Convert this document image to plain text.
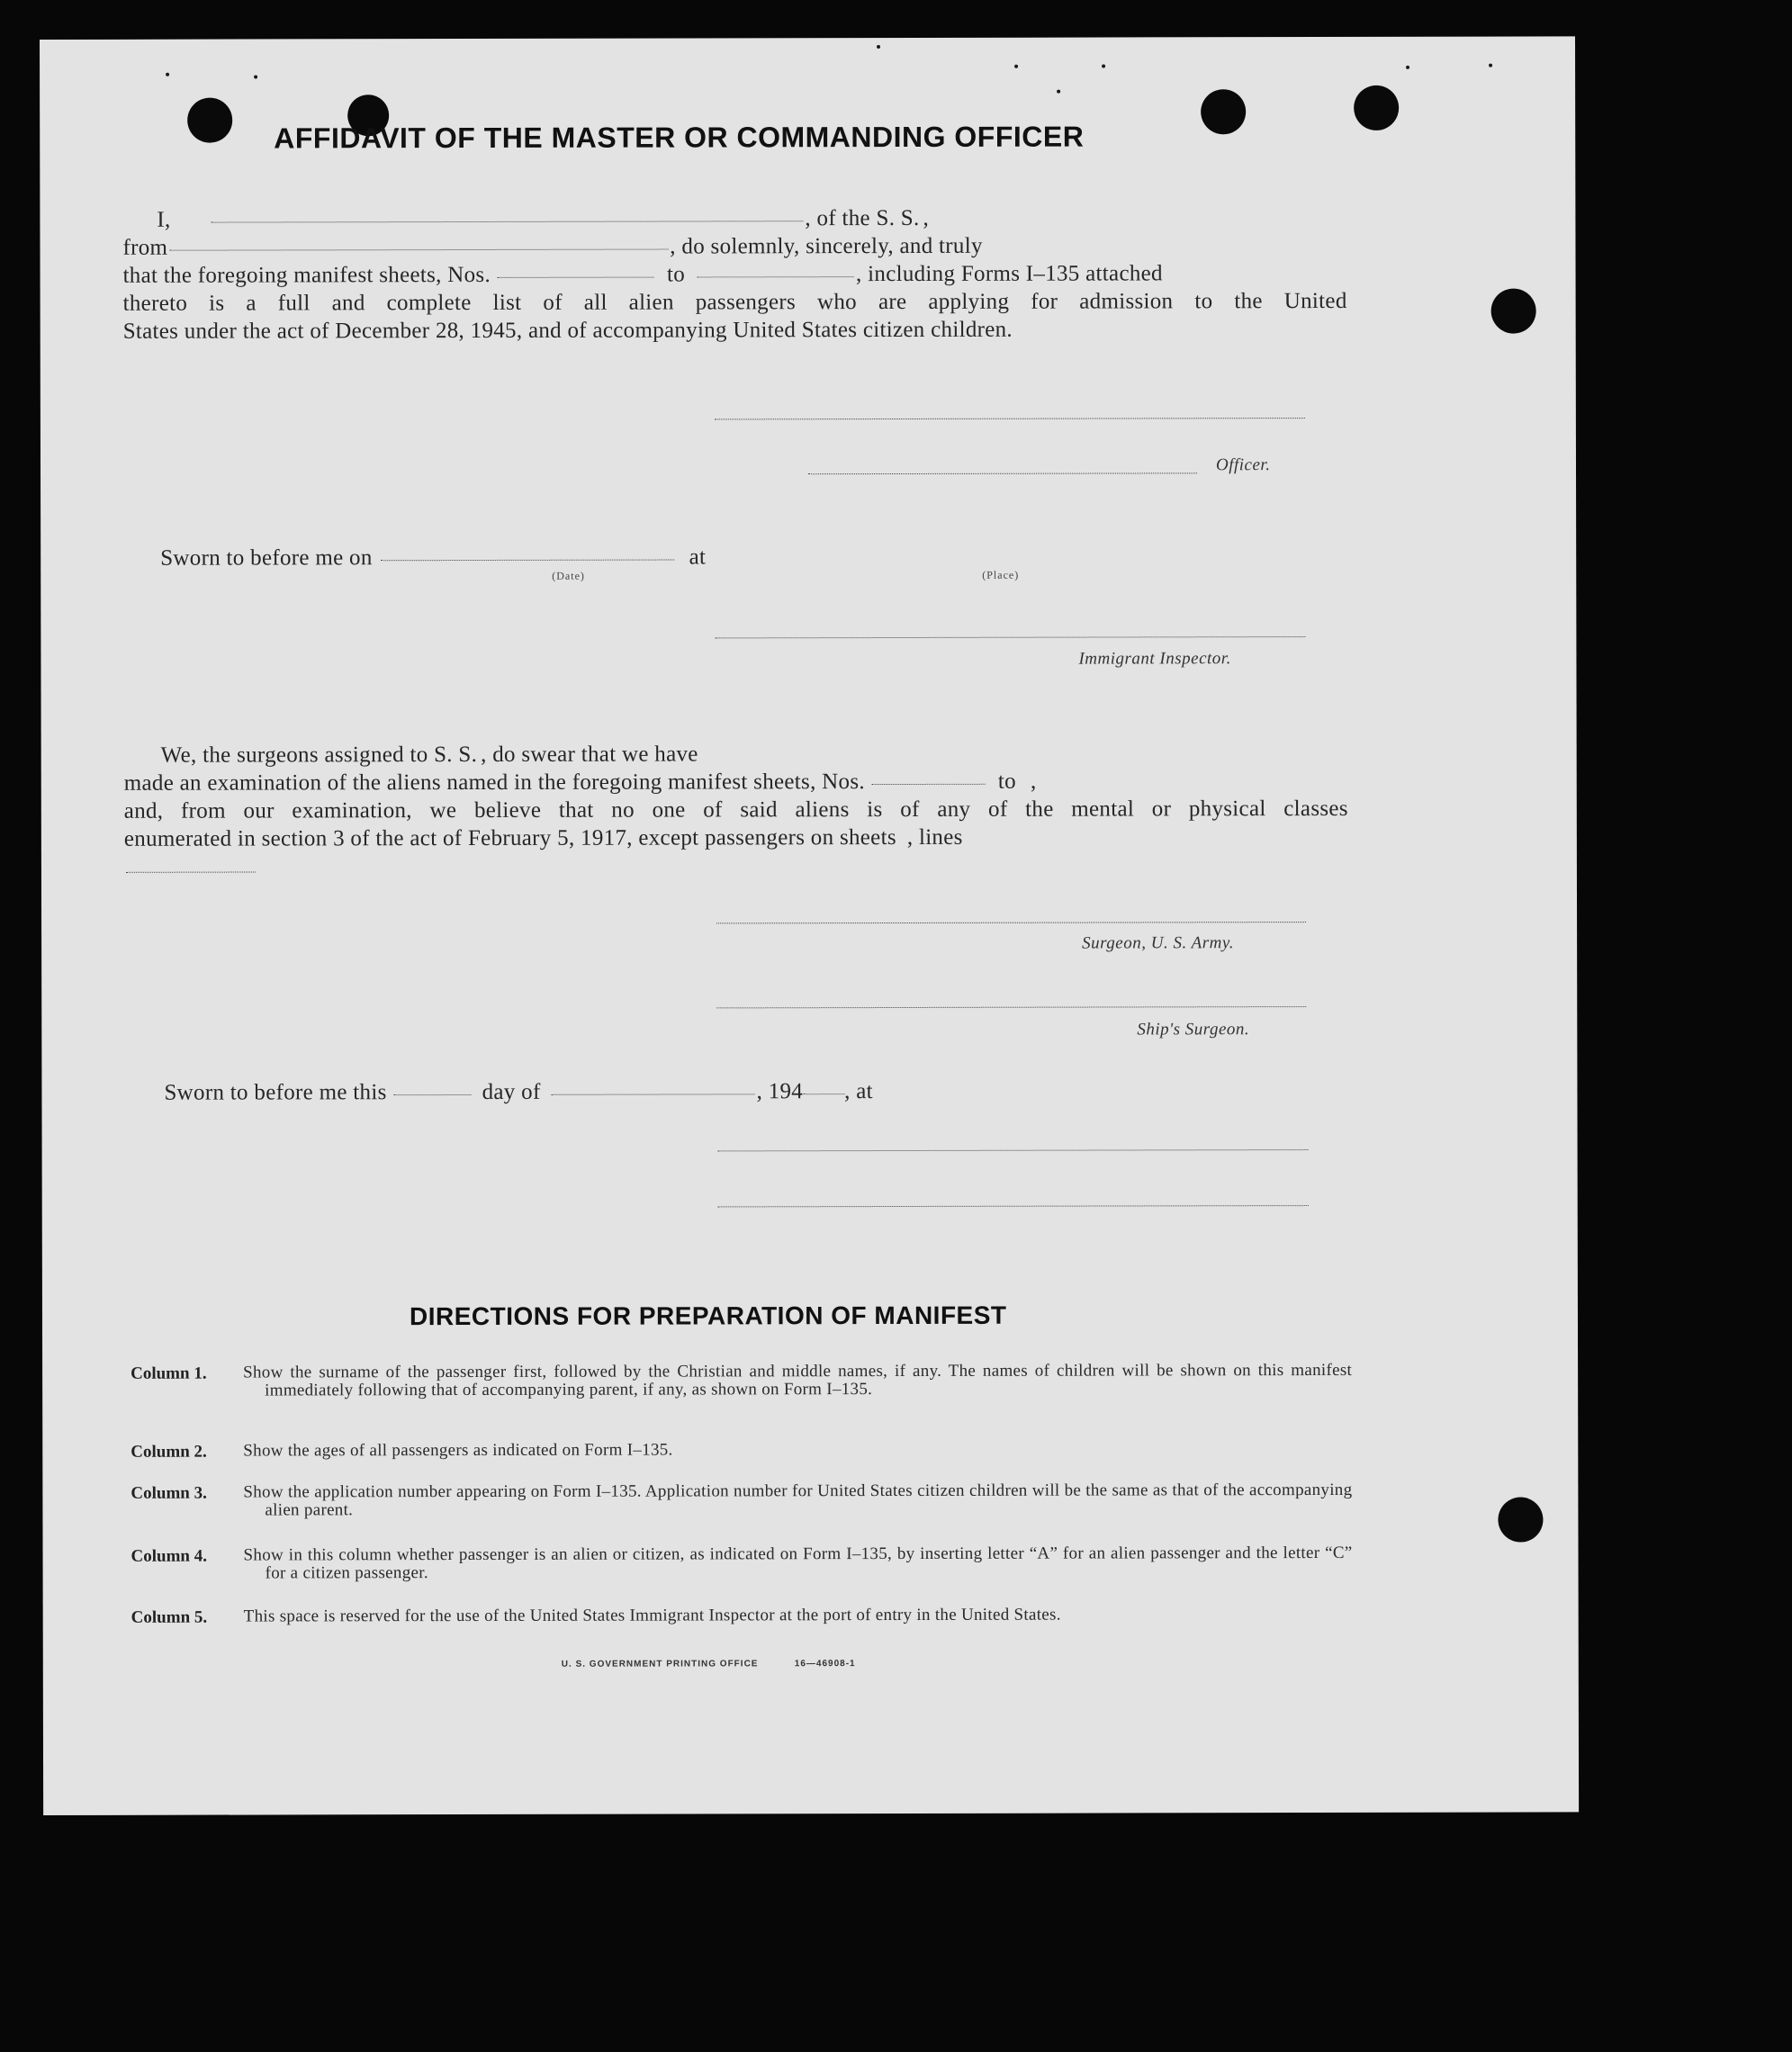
AFFIDAVIT OF THE MASTER OR COMMANDING OFFICER
I,	, of the S. S. ,
from	, do solemnly, sincerely, and truly
that the foregoing manifest sheets, Nos.	to	, including Forms I–135 attached
thereto is a full and complete list of all alien passengers who are applying for admission to the United
States under the act of December 28, 1945, and of accompanying United States citizen children.
Officer.
Sworn to before me on	at
(Date)	(Place)
Immigrant Inspector.
We, the surgeons assigned to S. S. , do swear that we have
made an examination of the aliens named in the foregoing manifest sheets, Nos.	to ,
and, from our examination, we believe that no one of said aliens is of any of the mental or physical classes
enumerated in section 3 of the act of February 5, 1917, except passengers on sheets , lines
Surgeon, U. S. Army.
Ship's Surgeon.
Sworn to before me this	day of	, 194 , at
DIRECTIONS FOR PREPARATION OF MANIFEST
Column 1. Show the surname of the passenger first, followed by the Christian and middle names, if any. The names of children will be shown on this manifest immediately following that of accompanying parent, if any, as shown on Form I–135.
Column 2. Show the ages of all passengers as indicated on Form I–135.
Column 3. Show the application number appearing on Form I–135. Application number for United States citizen children will be the same as that of the accompanying alien parent.
Column 4. Show in this column whether passenger is an alien or citizen, as indicated on Form I–135, by inserting letter “A” for an alien passenger and the letter “C” for a citizen passenger.
Column 5. This space is reserved for the use of the United States Immigrant Inspector at the port of entry in the United States.
U. S. GOVERNMENT PRINTING OFFICE	16—46908-1
